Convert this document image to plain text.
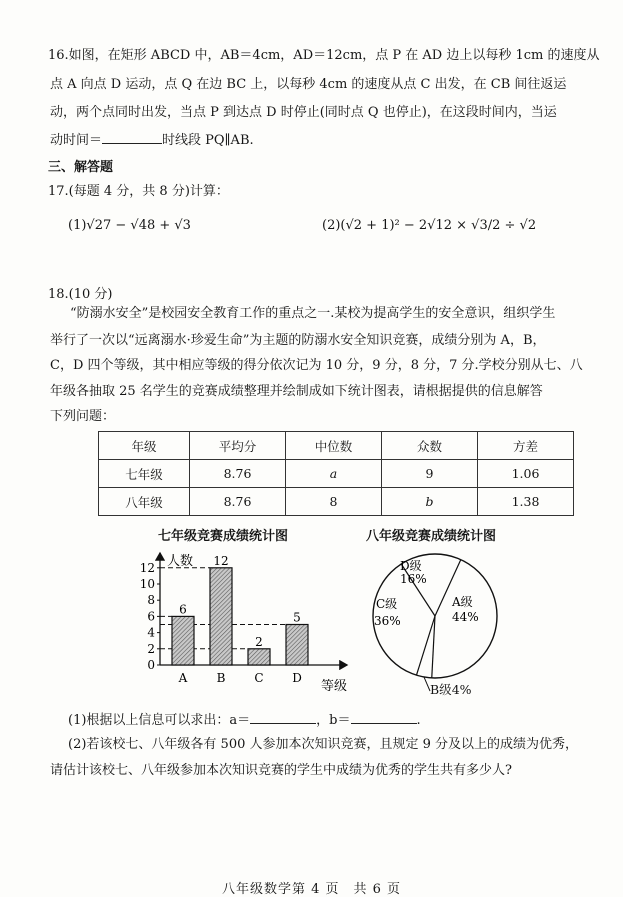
16.如图，在矩形 ABCD 中，AB＝4cm，AD＝12cm，点 P 在 AD 边上以每秒 1cm 的速度从
点 A 向点 D 运动，点 Q 在边 BC 上，以每秒 4cm 的速度从点 C 出发，在 CB 间往返运
动，两个点同时出发，当点 P 到达点 D 时停止(同时点 Q 也停止)，在这段时间内，当运
动时间＝	时线段 PQ∥AB.
三、解答题
17.(每题 4 分，共 8 分)计算：
(1)√27 − √48 + √3	(2)(√2 + 1)² − 2√12 × √3/2 ÷ √2
18.(10 分)
“防溺水安全”是校园安全教育工作的重点之一.某校为提高学生的安全意识，组织学生
举行了一次以“远离溺水·珍爱生命”为主题的防溺水安全知识竞赛，成绩分别为 A，B，
C，D 四个等级，其中相应等级的得分依次记为 10 分，9 分，8 分，7 分.学校分别从七、八
年级各抽取 25 名学生的竞赛成绩整理并绘制成如下统计图表，请根据提供的信息解答
下列问题：
年级	平均分	中位数	众数	方差
七年级	8.76	a	9	1.06
八年级	8.76	8	b	1.38
七年级竞赛成绩统计图	八年级竞赛成绩统计图
6
A
12
B
2
C
5
D
0
2
4
6
8
10
12 人数
等级
D级
16%
C级
36%
A级
44%
B级4%
(1)根据以上信息可以求出：a＝	，b＝	.
(2)若该校七、八年级各有 500 人参加本次知识竞赛，且规定 9 分及以上的成绩为优秀，
请估计该校七、八年级参加本次知识竞赛的学生中成绩为优秀的学生共有多少人?
八年级数学第 4 页　共 6 页
